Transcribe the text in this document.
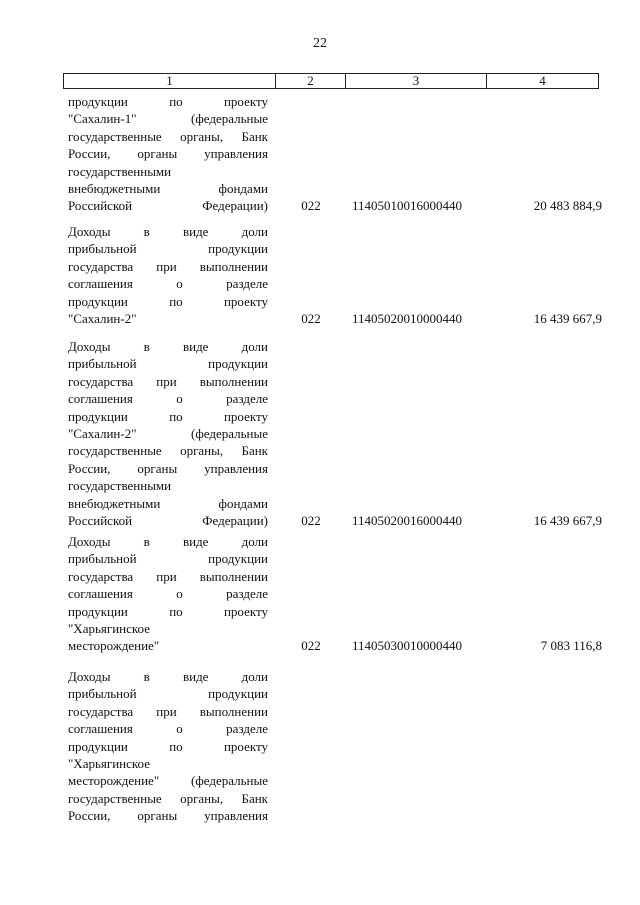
22
1	2	3	4
продукции по проекту
"Сахалин-1" (федеральные
государственные органы, Банк
России, органы управления
государственными
внебюджетными фондами
Российской Федерации)	022	11405010016000440	20 483 884,9
Доходы в виде доли
прибыльной продукции
государства при выполнении
соглашения о разделе
продукции по проекту
"Сахалин-2"	022	11405020010000440	16 439 667,9
Доходы в виде доли
прибыльной продукции
государства при выполнении
соглашения о разделе
продукции по проекту
"Сахалин-2" (федеральные
государственные органы, Банк
России, органы управления
государственными
внебюджетными фондами
Российской Федерации)	022	11405020016000440	16 439 667,9
Доходы в виде доли
прибыльной продукции
государства при выполнении
соглашения о разделе
продукции по проекту
"Харьягинское
месторождение"	022	11405030010000440	7 083 116,8
Доходы в виде доли
прибыльной продукции
государства при выполнении
соглашения о разделе
продукции по проекту
"Харьягинское
месторождение" (федеральные
государственные органы, Банк
России, органы управления
